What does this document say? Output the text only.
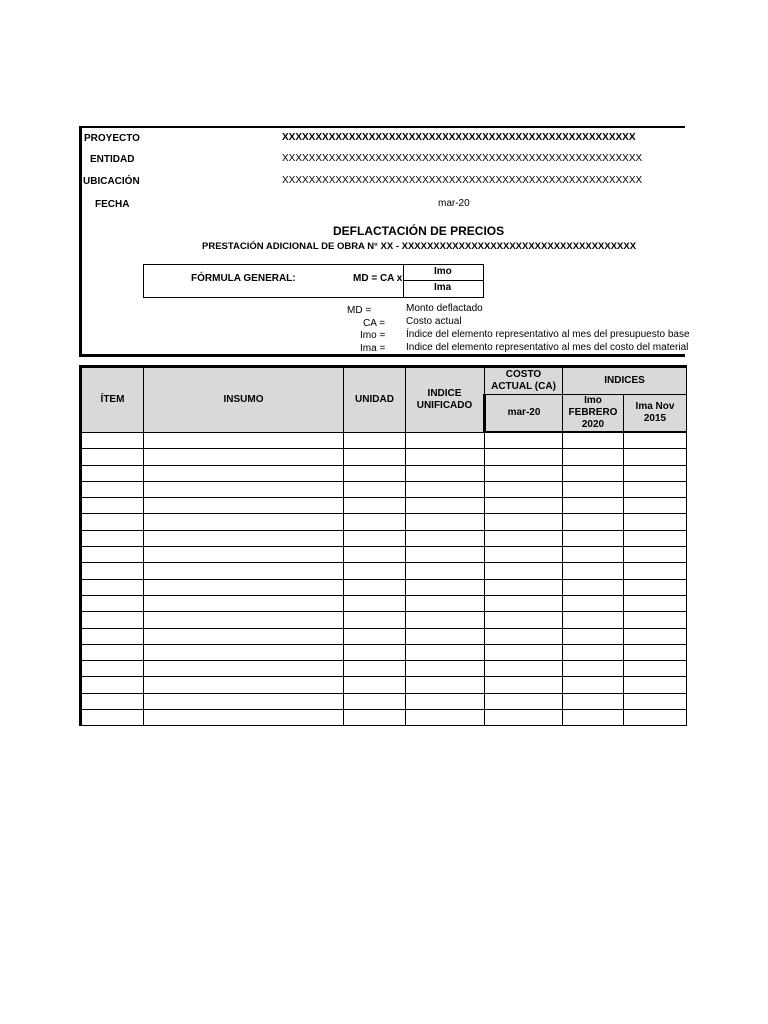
PROYECTO	XXXXXXXXXXXXXXXXXXXXXXXXXXXXXXXXXXXXXXXXXXXXXXXXXXXXX
ENTIDAD	XXXXXXXXXXXXXXXXXXXXXXXXXXXXXXXXXXXXXXXXXXXXXXXXXXXXXX
UBICACIÓN	XXXXXXXXXXXXXXXXXXXXXXXXXXXXXXXXXXXXXXXXXXXXXXXXXXXXXX
FECHA	mar-20
DEFLACTACIÓN DE PRECIOS
PRESTACIÓN ADICIONAL DE OBRA N° XX - XXXXXXXXXXXXXXXXXXXXXXXXXXXXXXXXXXXXX
FÓRMULA GENERAL:	MD = CA x
Imo
Ima
MD =	Monto deflactado
CA = Costo actual
Imo = Índice del elemento representativo al mes del presupuesto base
Ima = Indice del elemento representativo al mes del costo del material
ÍTEM	INSUMO	UNIDAD	INDICE UNIFICADO	COSTO ACTUAL (CA)	INDICES	
				mar-20	Imo FEBRERO 2020	Ima Nov 2015
